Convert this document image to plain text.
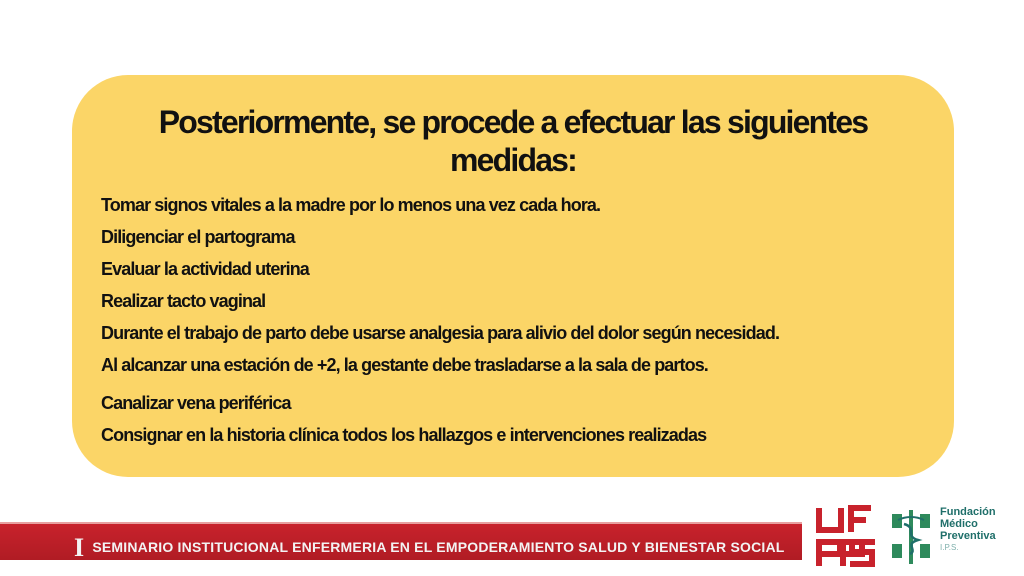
Posteriormente, se procede a efectuar las siguientes medidas:
Tomar signos vitales a la madre por lo menos una vez cada hora.
Diligenciar el partograma
Evaluar la actividad uterina
Realizar tacto vaginal
Durante el trabajo de parto debe usarse analgesia para alivio del dolor según necesidad.
Al alcanzar una estación de +2, la gestante debe trasladarse a la sala de partos.
Canalizar vena periférica
Consignar en la historia clínica todos los hallazgos e intervenciones realizadas
ISEMINARIO INSTITUCIONAL ENFERMERIA EN EL EMPODERAMIENTO SALUD Y BIENESTAR SOCIAL
Fundación
Médico
Preventiva
I.P.S.
